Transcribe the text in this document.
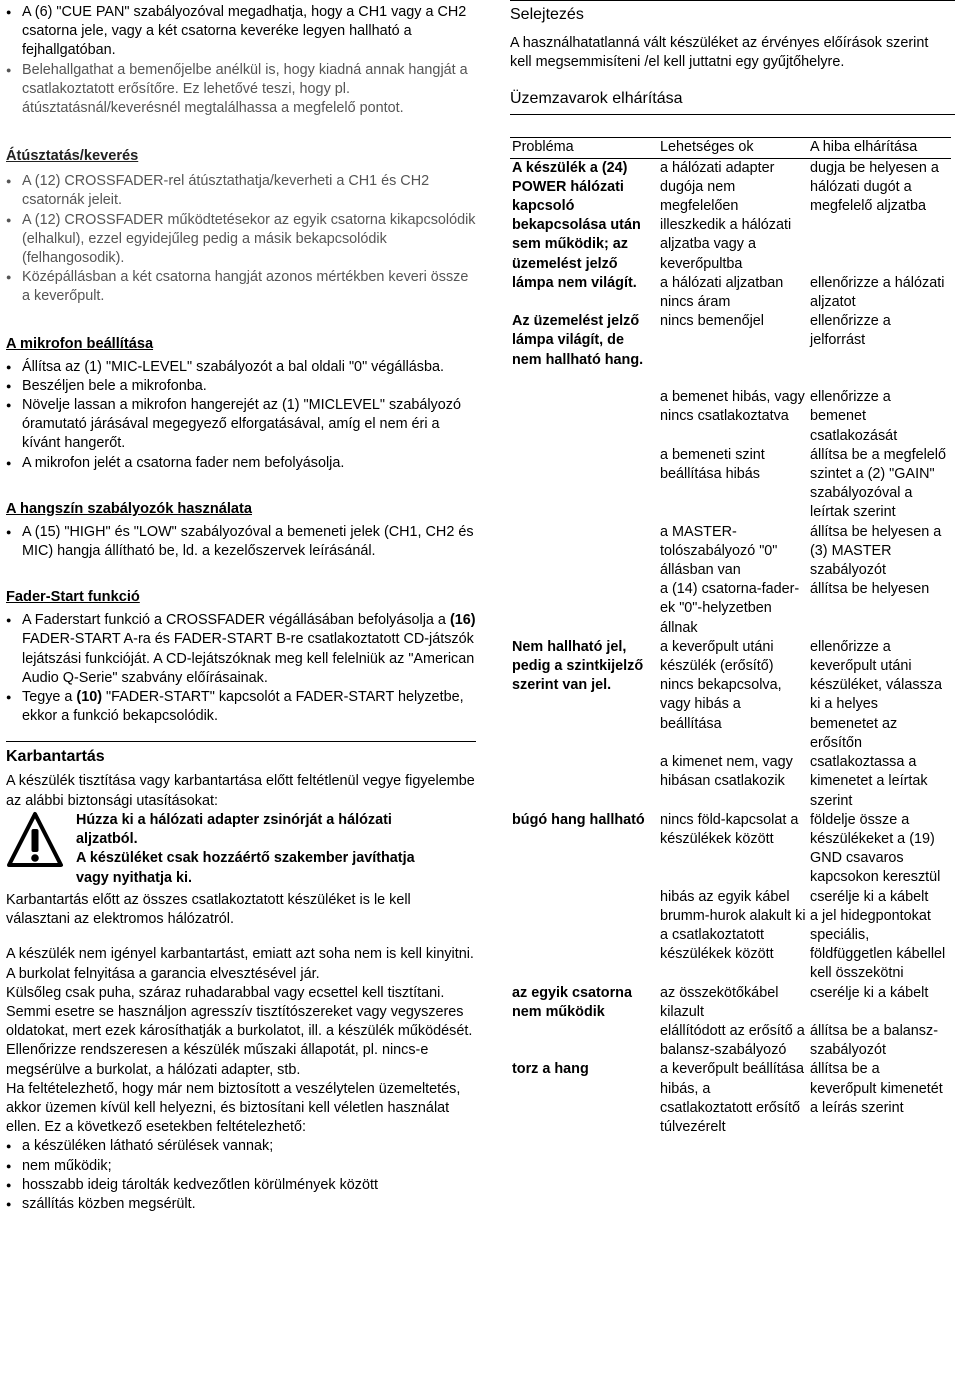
● A (6) "CUE PAN" szabályozóval megadhatja, hogy a CH1 vagy a CH2 csatorna jele, vagy a két csatorna keveréke legyen hallható a fejhallgatóban.
● Belehallgathat a bemenőjelbe anélkül is, hogy kiadná annak hangját a csatlakoztatott erősítőre. Ez lehetővé teszi, hogy pl. átúsztatásnál/keverésnél megtalálhassa a megfelelő pontot.
Átúsztatás/keverés
● A (12) CROSSFADER-rel átúsztathatja/keverheti a CH1 és CH2 csatornák jeleit.
● A (12) CROSSFADER működtetésekor az egyik csatorna kikapcsolódik (elhalkul), ezzel egyidejűleg pedig a másik bekapcsolódik (felhangosodik).
● Középállásban a két csatorna hangját azonos mértékben keveri össze a keverőpult.
A mikrofon beállítása
● Állítsa az (1) "MIC-LEVEL" szabályozót a bal oldali "0" végállásba.
● Beszéljen bele a mikrofonba.
● Növelje lassan a mikrofon hangerejét az (1) "MICLEVEL" szabályozó óramutató járásával megegyező elforgatásával, amíg el nem éri a kívánt hangerőt.
● A mikrofon jelét a csatorna fader nem befolyásolja.
A hangszín szabályozók használata
● A (15) "HIGH" és "LOW" szabályozóval a bemeneti jelek (CH1, CH2 és MIC) hangja állítható be, ld. a kezelőszervek leírásánál.
Fader-Start funkció
● A Faderstart funkció a CROSSFADER végállásában befolyásolja a (16) FADER-START A-ra és FADER-START B-re csatlakoztatott CD-játszók lejátszási funkcióját. A CD-lejátszóknak meg kell felelniük az "American Audio Q-Serie" szabvány előírásainak.
● Tegye a (10) "FADER-START" kapcsolót a FADER-START helyzetbe, ekkor a funkció bekapcsolódik.
Karbantartás

A készülék tisztítása vagy karbantartása előtt feltétlenül vegye figyelembe az alábbi biztonsági utasításokat:

Húzza ki a hálózati adapter zsinórját a hálózati aljzatból.

A készüléket csak hozzáértő szakember javíthatja vagy nyithatja ki.

Karbantartás előtt az összes csatlakoztatott készüléket is le kell választani az elektromos hálózatról.

A készülék nem igényel karbantartást, emiatt azt soha nem is kell kinyitni. A burkolat felnyitása a garancia elvesztésével jár.

Külsőleg csak puha, száraz ruhadarabbal vagy ecsettel kell tisztítani. Semmi esetre se használjon agresszív tisztítószereket vagy vegyszeres oldatokat, mert ezek károsíthatják a burkolatot, ill. a készülék működését.

Ellenőrizze rendszeresen a készülék műszaki állapotát, pl. nincs-e megsérülve a burkolat, a hálózati adapter, stb.

Ha feltételezhető, hogy már nem biztosított a veszélytelen üzemeltetés, akkor üzemen kívül kell helyezni, és biztosítani kell véletlen használat ellen. Ez a következő esetekben feltételezhető:

● a készüléken látható sérülések vannak;
● nem működik;
● hosszabb ideig tárolták kedvezőtlen körülmények között
● szállítás közben megsérült.
Selejtezés

A használhatatlanná vált készüléket az érvényes előírások szerint kell megsemmisíteni /el kell juttatni egy gyűjtőhelyre.

Üzemzavarok elhárítása
Probléma	Lehetséges ok	A hiba elhárítása
A készülék a (24) POWER hálózati kapcsoló bekapcsolása után sem működik; az üzemelést jelző lámpa nem világít.	a hálózati adapter dugója nem megfelelően illeszkedik a hálózati aljzatba vagy a keverőpultba	dugja be helyesen a hálózati dugót a megfelelő aljzatba
	a hálózati aljzatban nincs áram	ellenőrizze a hálózati aljzatot
Az üzemelést jelző lámpa világít, de nem hallható hang.	nincs bemenőjel	ellenőrizze a jelforrást
	a bemenet hibás, vagy nincs csatlakoztatva	ellenőrizze a bemenet csatlakozását
	a bemeneti szint beállítása hibás	állítsa be a megfelelő szintet a (2) "GAIN" szabályozóval a leírtak szerint
	a MASTER-tolószabályozó "0" állásban van	állítsa be helyesen a (3) MASTER szabályozót
	a (14) csatorna-fader-ek "0"-helyzetben állnak	állítsa be helyesen
Nem hallható jel, pedig a szintkijelző szerint van jel.	a keverőpult utáni készülék (erősítő) nincs bekapcsolva, vagy hibás a beállítása	ellenőrizze a keverőpult utáni készüléket, válassza ki a helyes bemenetet az erősítőn
	a kimenet nem, vagy hibásan csatlakozik	csatlakoztassa a kimenetet a leírtak szerint
búgó hang hallható	nincs föld-kapcsolat a készülékek között	földelje össze a készülékeket a (19) GND csavaros kapcsokon keresztül
	hibás az egyik kábel	cserélje ki a kábelt
	brumm-hurok alakult ki a csatlakoztatott készülékek között	a jel hidegpontokat speciális, földfüggetlen kábellel kell összekötni
az egyik csatorna nem működik	az összekötőkábel kilazult	cserélje ki a kábelt
	elállítódott az erősítő a balansz-szabályozó	állítsa be a balansz-szabályozót
torz a hang	a keverőpult beállítása hibás, a csatlakoztatott erősítő túlvezérelt	állítsa be a keverőpult kimenetét a leírás szerint
